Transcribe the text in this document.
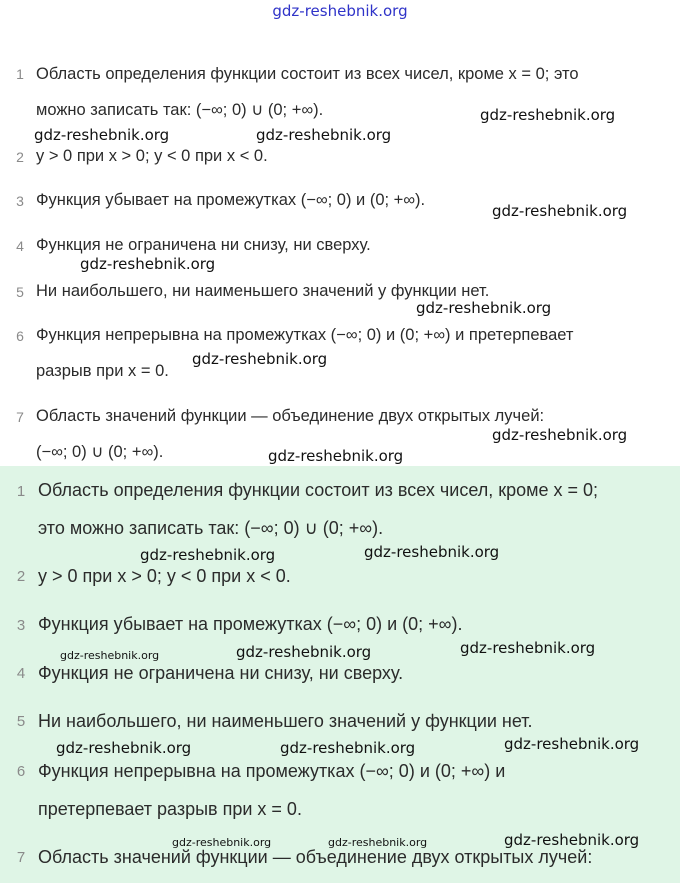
gdz-reshebnik.org
1 Область определения функции состоит из всех чисел, кроме x = 0; это
можно записать так: (−∞; 0) ∪ (0; +∞).
2 y > 0 при x > 0; y < 0 при x < 0.
3 Функция убывает на промежутках (−∞; 0) и (0; +∞).
4 Функция не ограничена ни снизу, ни сверху.
5 Ни наибольшего, ни наименьшего значений у функции нет.
6 Функция непрерывна на промежутках (−∞; 0) и (0; +∞) и претерпевает
разрыв при x = 0.
7 Область значений функции — объединение двух открытых лучей:
(−∞; 0) ∪ (0; +∞).
gdz-reshebnik.org
gdz-reshebnik.org	gdz-reshebnik.org
gdz-reshebnik.org
gdz-reshebnik.org
gdz-reshebnik.org
gdz-reshebnik.org
gdz-reshebnik.org
gdz-reshebnik.org
1 Область определения функции состоит из всех чисел, кроме x = 0;
это можно записать так: (−∞; 0) ∪ (0; +∞).
2 y > 0 при x > 0; y < 0 при x < 0.
3 Функция убывает на промежутках (−∞; 0) и (0; +∞).
4 Функция не ограничена ни снизу, ни сверху.
5 Ни наибольшего, ни наименьшего значений у функции нет.
6 Функция непрерывна на промежутках (−∞; 0) и (0; +∞) и
претерпевает разрыв при x = 0.
7 Область значений функции — объединение двух открытых лучей:
gdz-reshebnik.org	gdz-reshebnik.org
gdz-reshebnik.org	gdz-reshebnik.org	gdz-reshebnik.org
gdz-reshebnik.org	gdz-reshebnik.org	gdz-reshebnik.org
gdz-reshebnik.org	gdz-reshebnik.org	gdz-reshebnik.org
